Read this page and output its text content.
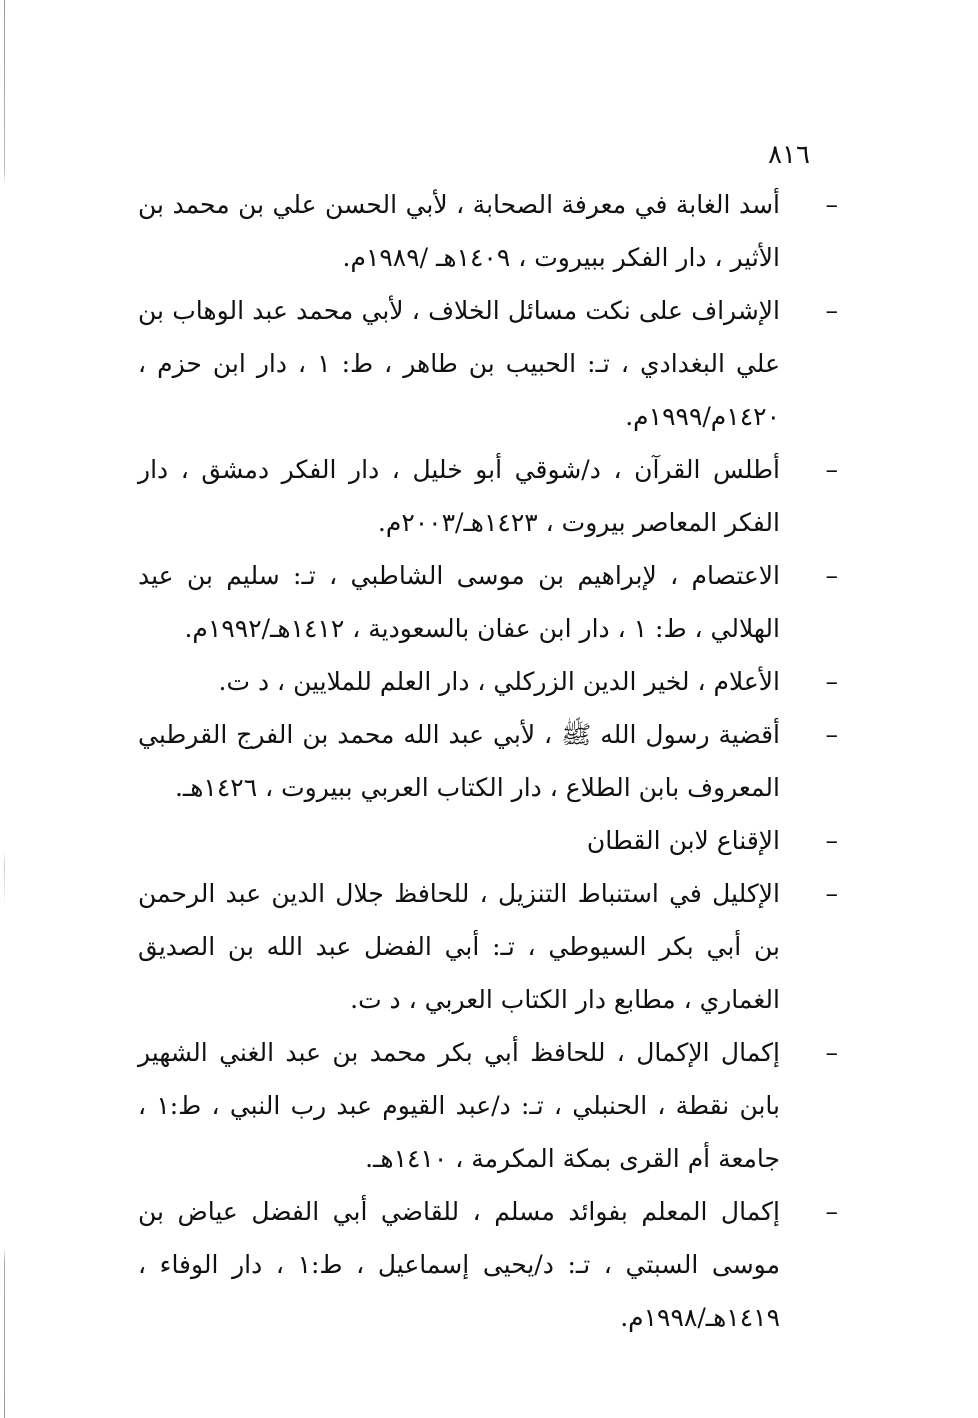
٨١٦
–
أسد الغابة في معرفة الصحابة ، لأبي الحسن علي بن محمد بن الأثير ، دار الفكر ببيروت ، ١٤٠٩هـ /١٩٨٩م.
–
الإشراف على نكت مسائل الخلاف ، لأبي محمد عبد الوهاب بن علي البغدادي ، تـ: الحبيب بن طاهر ، ط: ١ ، دار ابن حزم ، ١٤٢٠م/١٩٩٩م.
–
أطلس القرآن ، د/شوقي أبو خليل ، دار الفكر دمشق ، دار الفكر المعاصر بيروت ، ١٤٢٣هـ/٢٠٠٣م.
–
الاعتصام ، لإبراهيم بن موسى الشاطبي ، تـ: سليم بن عيد الهلالي ، ط: ١ ، دار ابن عفان بالسعودية ، ١٤١٢هـ/١٩٩٢م.
–
الأعلام ، لخير الدين الزركلي ، دار العلم للملايين ، د ت.
–
أقضية رسول الله ﷺ ، لأبي عبد الله محمد بن الفرج القرطبي المعروف بابن الطلاع ، دار الكتاب العربي ببيروت ، ١٤٢٦هـ.
–
الإقناع لابن القطان
–
الإكليل في استنباط التنزيل ، للحافظ جلال الدين عبد الرحمن بن أبي بكر السيوطي ، تـ: أبي الفضل عبد الله بن الصديق الغماري ، مطابع دار الكتاب العربي ، د ت.
–
إكمال الإكمال ، للحافظ أبي بكر محمد بن عبد الغني الشهير بابن نقطة ، الحنبلي ، تـ: د/عبد القيوم عبد رب النبي ، ط:١ ، جامعة أم القرى بمكة المكرمة ، ١٤١٠هـ.
–
إكمال المعلم بفوائد مسلم ، للقاضي أبي الفضل عياض بن موسى السبتي ، تـ: د/يحيى إسماعيل ، ط:١ ، دار الوفاء ، ١٤١٩هـ/١٩٩٨م.
